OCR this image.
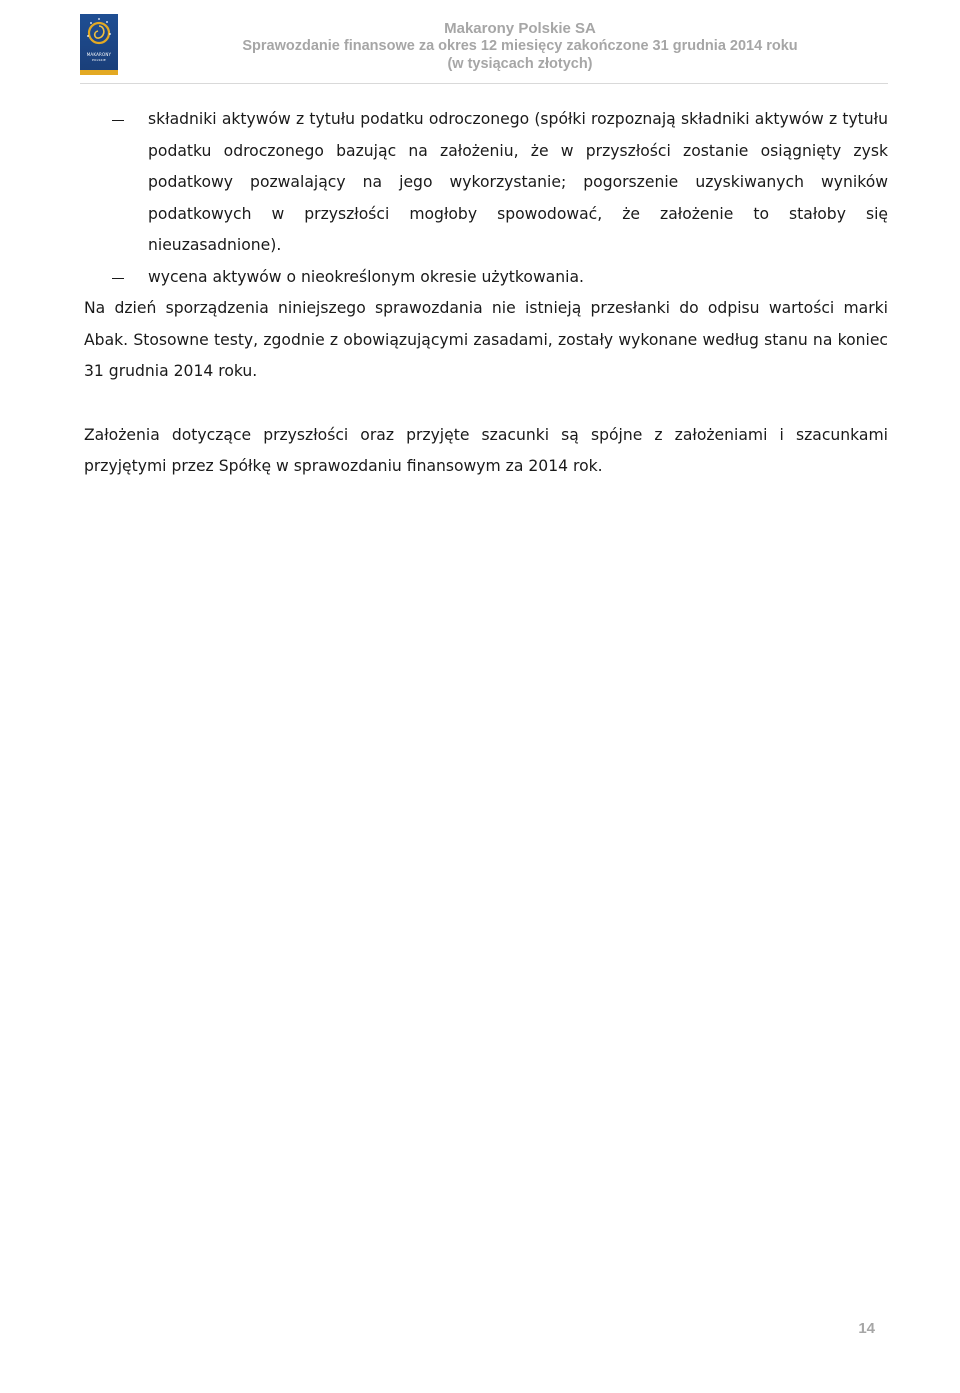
MAKARONY
POLSKIE
Makarony Polskie SA
Sprawozdanie finansowe za okres 12 miesięcy zakończone 31 grudnia 2014 roku
(w tysiącach złotych)
składniki aktywów z tytułu podatku odroczonego (spółki rozpoznają składniki aktywów z tytułu podatku odroczonego bazując na założeniu, że w przyszłości zostanie osiągnięty zysk podatkowy pozwalający na jego wykorzystanie; pogorszenie uzyskiwanych wyników podatkowych w przyszłości mogłoby spowodować, że założenie to stałoby się nieuzasadnione).
wycena aktywów o nieokreślonym okresie użytkowania.

Na dzień sporządzenia niniejszego sprawozdania nie istnieją przesłanki do odpisu wartości marki Abak. Stosowne testy, zgodnie z obowiązującymi zasadami, zostały wykonane według stanu na koniec 31 grudnia 2014 roku.

Założenia dotyczące przyszłości oraz przyjęte szacunki są spójne z założeniami i szacunkami przyjętymi przez Spółkę w sprawozdaniu finansowym za 2014 rok.

14
